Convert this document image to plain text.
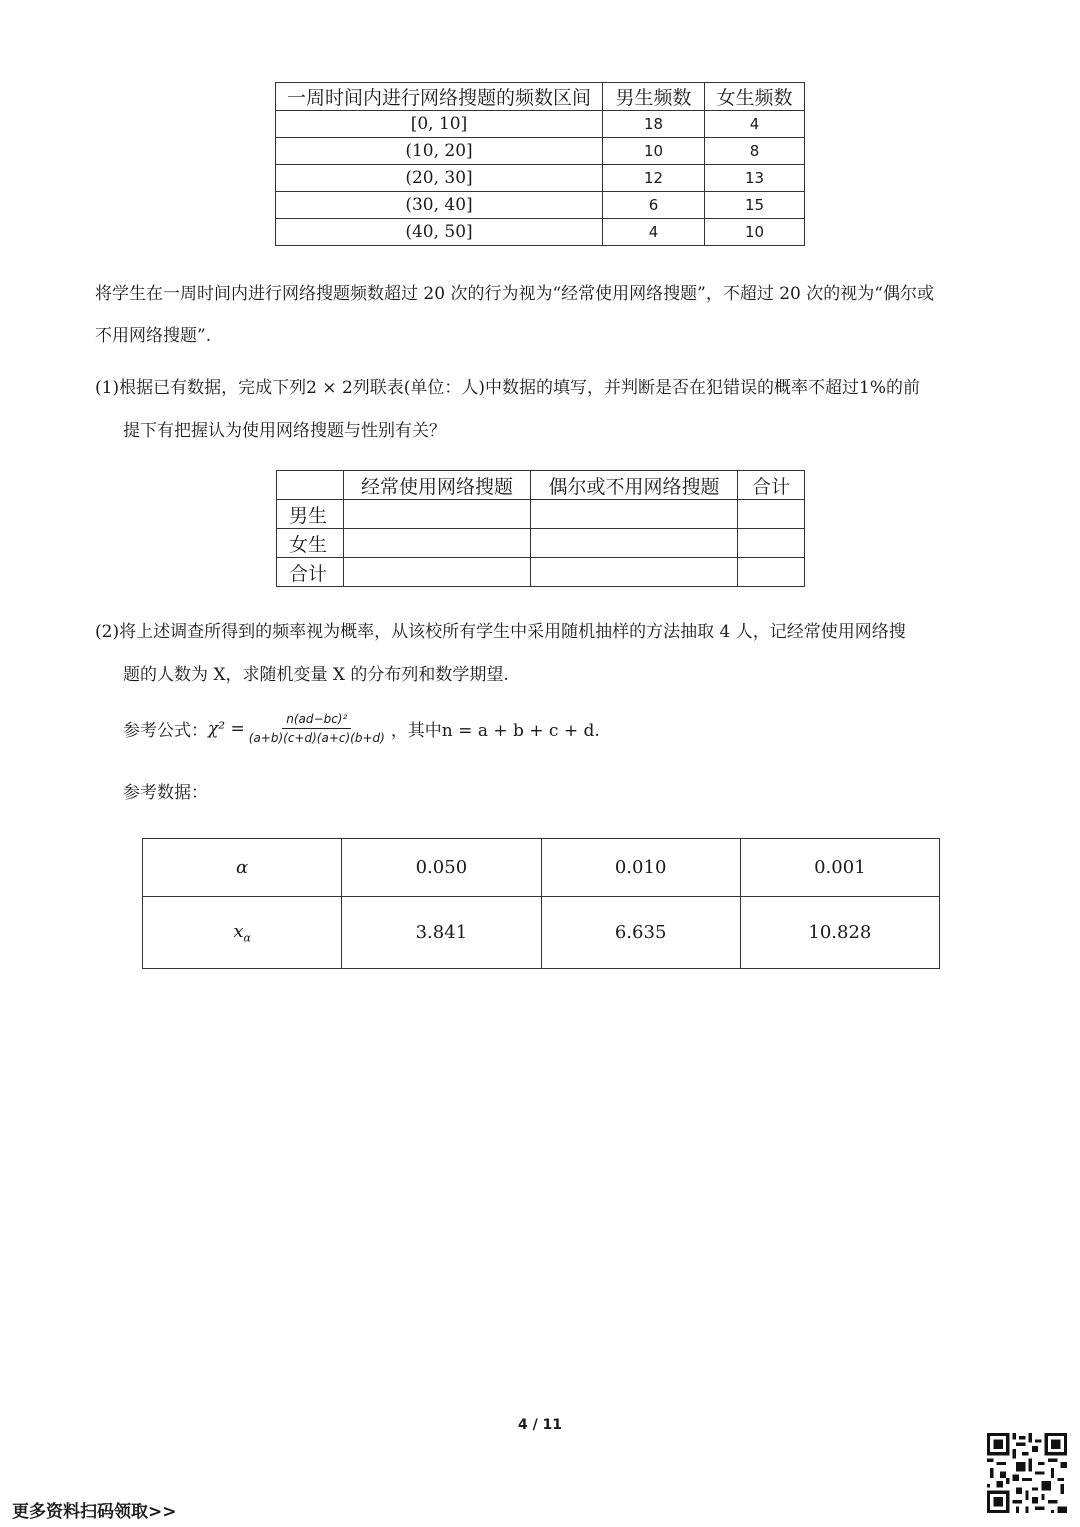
一周时间内进行网络搜题的频数区间	男生频数	女生频数
[0, 10]	18	4
(10, 20]	10	8
(20, 30]	12	13
(30, 40]	6	15
(40, 50]	4	10

将学生在一周时间内进行网络搜题频数超过 20 次的行为视为“经常使用网络搜题”，不超过 20 次的视为“偶尔或

不用网络搜题”.

(1)根据已有数据，完成下列2 × 2列联表(单位：人)中数据的填写，并判断是否在犯错误的概率不超过1%的前

提下有把握认为使用网络搜题与性别有关？

	经常使用网络搜题	偶尔或不用网络搜题	合计
男生			
女生			
合计			

(2)将上述调查所得到的频率视为概率，从该校所有学生中采用随机抽样的方法抽取 4 人，记经常使用网络搜

题的人数为 X，求随机变量 X 的分布列和数学期望.

参考公式： $\chi^2 = \frac{\text{n(ad−bc)²}}{(a+b)(c+d)(a+c)(b+d)}$ ，其中n = a + b + c + d.

参考数据：

α	0.050	0.010	0.001
$x_\alpha$	3.841	6.635	10.828
4 / 11
更多资料扫码领取>>
